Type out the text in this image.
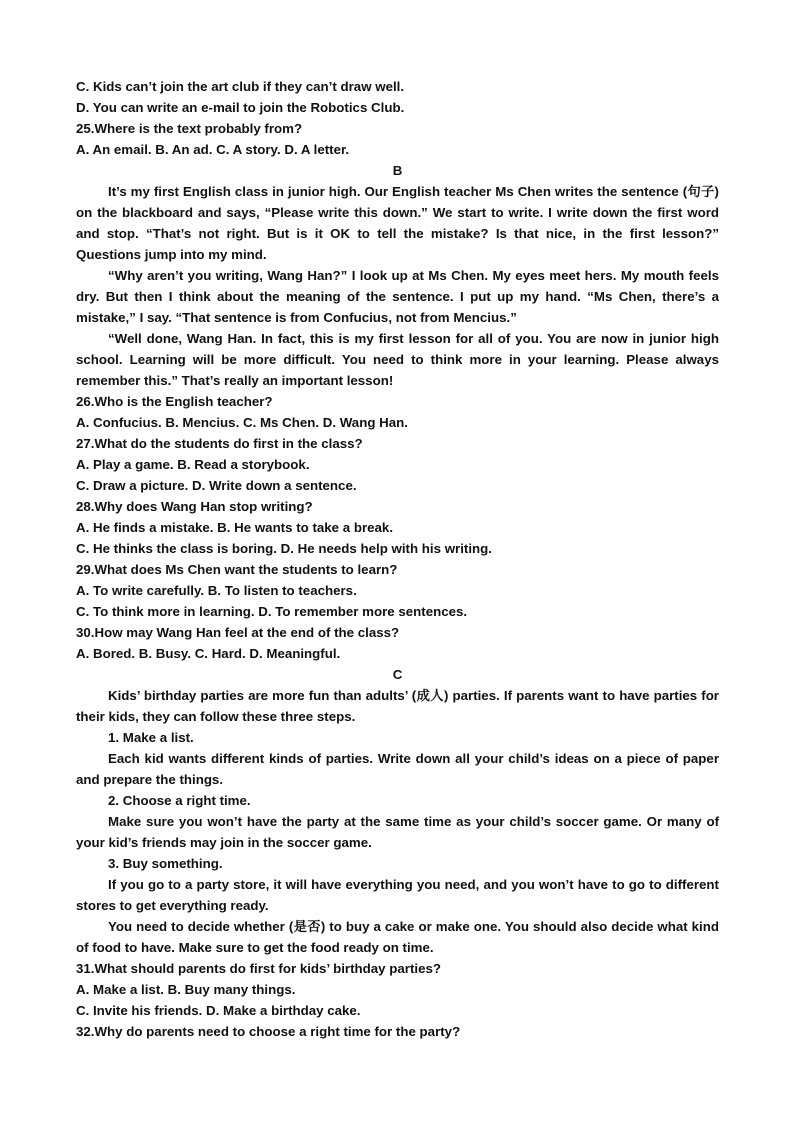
C. Kids can’t join the art club if they can’t draw well.
D. You can write an e-mail to join the Robotics Club.
25.Where is the text probably from?
A. An email. B. An ad. C. A story. D. A letter.
B
It’s my first English class in junior high. Our English teacher Ms Chen writes the sentence (句子) on the blackboard and says, “Please write this down.” We start to write. I write down the first word and stop. “That’s not right. But is it OK to tell the mistake? Is that nice, in the first lesson?” Questions jump into my mind.
“Why aren’t you writing, Wang Han?” I look up at Ms Chen. My eyes meet hers. My mouth feels dry. But then I think about the meaning of the sentence. I put up my hand. “Ms Chen, there’s a mistake,” I say. “That sentence is from Confucius, not from Mencius.”
“Well done, Wang Han. In fact, this is my first lesson for all of you. You are now in junior high school. Learning will be more difficult. You need to think more in your learning. Please always remember this.” That’s really an important lesson!
26.Who is the English teacher?
A. Confucius. B. Mencius. C. Ms Chen. D. Wang Han.
27.What do the students do first in the class?
A. Play a game. B. Read a storybook.
C. Draw a picture. D. Write down a sentence.
28.Why does Wang Han stop writing?
A. He finds a mistake. B. He wants to take a break.
C. He thinks the class is boring. D. He needs help with his writing.
29.What does Ms Chen want the students to learn?
A. To write carefully. B. To listen to teachers.
C. To think more in learning. D. To remember more sentences.
30.How may Wang Han feel at the end of the class?
A. Bored. B. Busy. C. Hard. D. Meaningful.
C
Kids’ birthday parties are more fun than adults’ (成人) parties. If parents want to have parties for their kids, they can follow these three steps.
1. Make a list.
Each kid wants different kinds of parties. Write down all your child’s ideas on a piece of paper and prepare the things.
2. Choose a right time.
Make sure you won’t have the party at the same time as your child’s soccer game. Or many of your kid’s friends may join in the soccer game.
3. Buy something.
If you go to a party store, it will have everything you need, and you won’t have to go to different stores to get everything ready.
You need to decide whether (是否) to buy a cake or make one. You should also decide what kind of food to have. Make sure to get the food ready on time.
31.What should parents do first for kids’ birthday parties?
A. Make a list. B. Buy many things.
C. Invite his friends. D. Make a birthday cake.
32.Why do parents need to choose a right time for the party?
